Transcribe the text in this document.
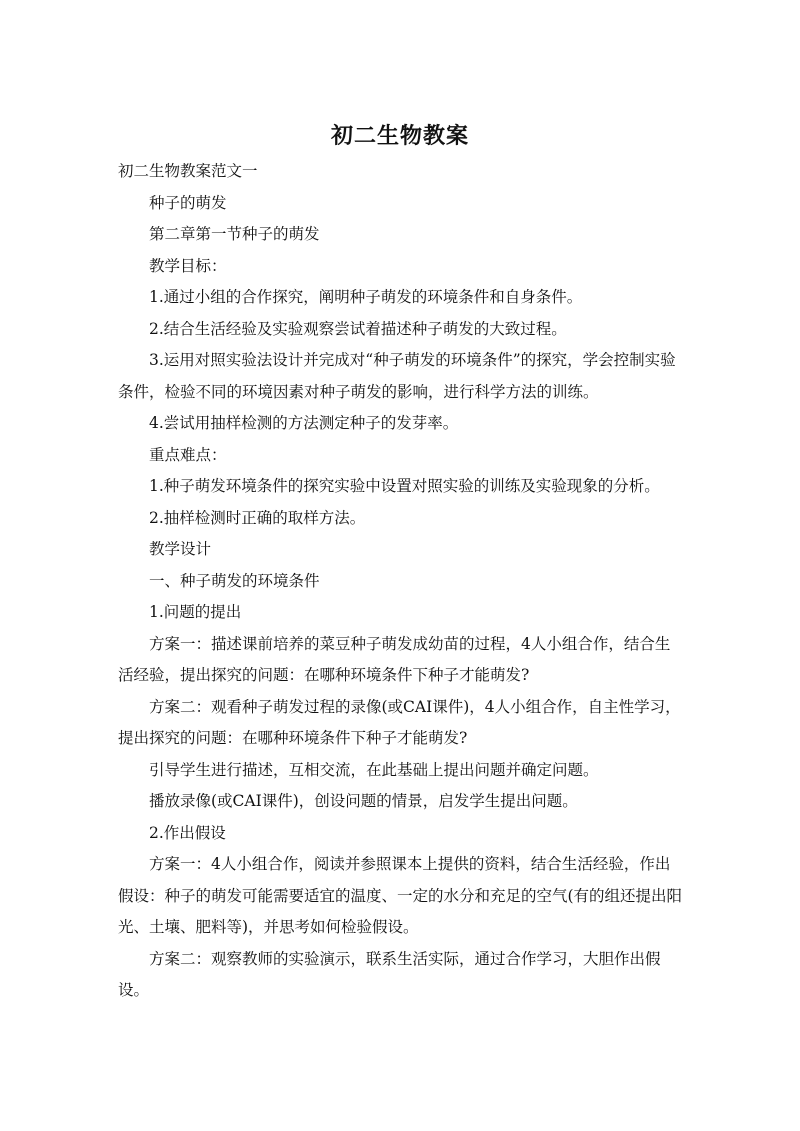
初二生物教案

初二生物教案范文一

种子的萌发

第二章第一节种子的萌发

教学目标：

1.通过小组的合作探究，阐明种子萌发的环境条件和自身条件。

2.结合生活经验及实验观察尝试着描述种子萌发的大致过程。

3.运用对照实验法设计并完成对“种子萌发的环境条件”的探究，学会控制实验条件，检验不同的环境因素对种子萌发的影响，进行科学方法的训练。

4.尝试用抽样检测的方法测定种子的发芽率。

重点难点：

1.种子萌发环境条件的探究实验中设置对照实验的训练及实验现象的分析。

2.抽样检测时正确的取样方法。

教学设计

一、种子萌发的环境条件

1.问题的提出

方案一：描述课前培养的菜豆种子萌发成幼苗的过程，4人小组合作，结合生活经验，提出探究的问题：在哪种环境条件下种子才能萌发?

方案二：观看种子萌发过程的录像(或CAI课件)，4人小组合作，自主性学习，提出探究的问题：在哪种环境条件下种子才能萌发?

引导学生进行描述，互相交流，在此基础上提出问题并确定问题。

播放录像(或CAI课件)，创设问题的情景，启发学生提出问题。

2.作出假设

方案一：4人小组合作，阅读并参照课本上提供的资料，结合生活经验，作出假设：种子的萌发可能需要适宜的温度、一定的水分和充足的空气(有的组还提出阳光、土壤、肥料等)，并思考如何检验假设。

方案二：观察教师的实验演示，联系生活实际，通过合作学习，大胆作出假设。
